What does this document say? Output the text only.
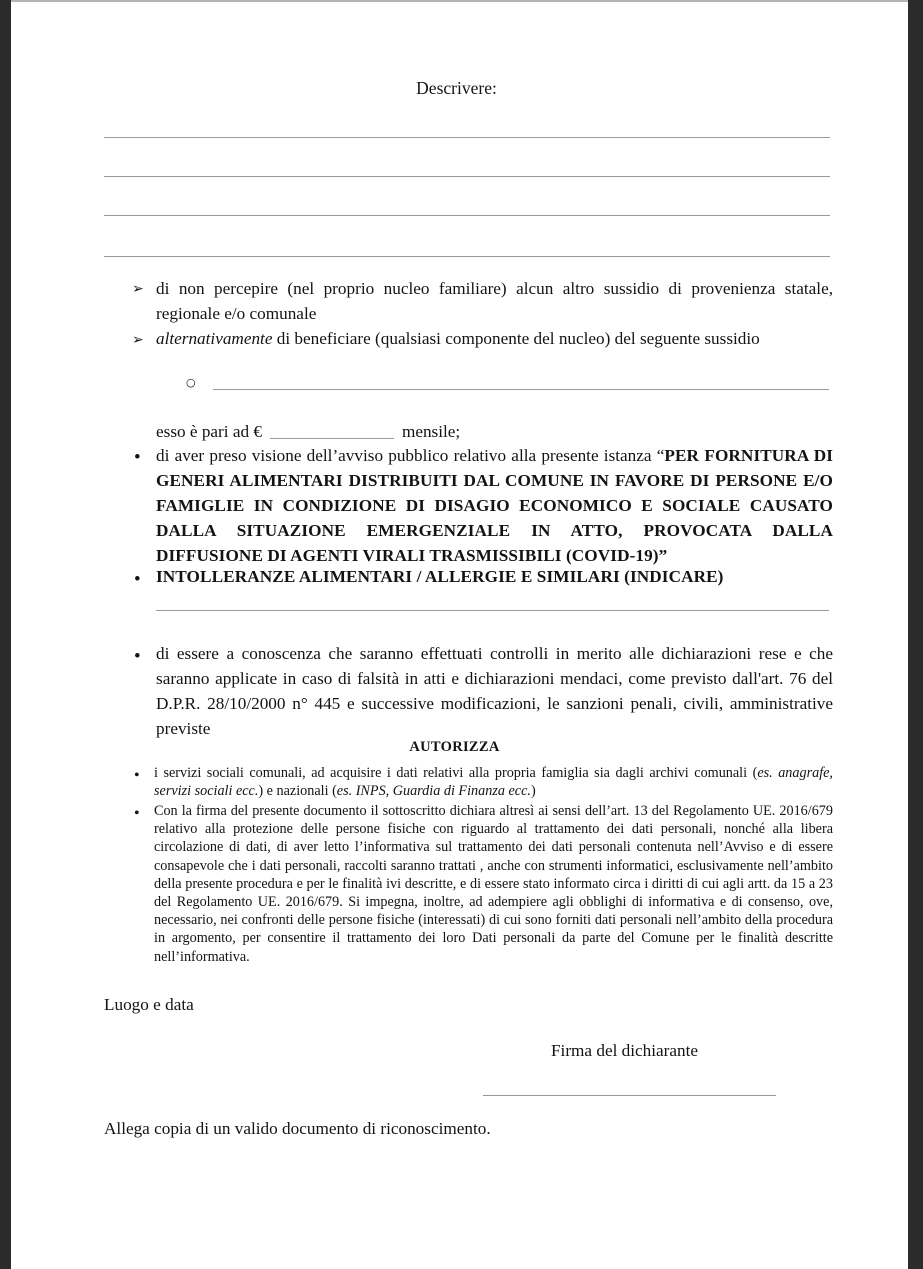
Descrivere:
➢ di non percepire (nel proprio nucleo familiare) alcun altro sussidio di provenienza statale, regionale e/o comunale
➢ alternativamente di beneficiare (qualsiasi componente del nucleo) del seguente sussidio
○
esso è pari ad €	mensile;
• di aver preso visione dell’avviso pubblico relativo alla presente istanza “PER FORNITURA DI GENERI ALIMENTARI DISTRIBUITI DAL COMUNE IN FAVORE DI PERSONE E/O FAMIGLIE IN CONDIZIONE DI DISAGIO ECONOMICO E SOCIALE CAUSATO DALLA SITUAZIONE EMERGENZIALE IN ATTO, PROVOCATA DALLA DIFFUSIONE DI AGENTI VIRALI TRASMISSIBILI (COVID-19)”
• INTOLLERANZE ALIMENTARI / ALLERGIE E SIMILARI (INDICARE)
• di essere a conoscenza che saranno effettuati controlli in merito alle dichiarazioni rese e che saranno applicate in caso di falsità in atti e dichiarazioni mendaci, come previsto dall'art. 76 del D.P.R. 28/10/2000 n° 445 e successive modificazioni, le sanzioni penali, civili, amministrative previste
AUTORIZZA
• i servizi sociali comunali, ad acquisire i dati relativi alla propria famiglia sia dagli archivi comunali (es. anagrafe, servizi sociali ecc.) e nazionali (es. INPS, Guardia di Finanza ecc.)
• Con la firma del presente documento il sottoscritto dichiara altresì ai sensi dell’art. 13 del Regolamento UE. 2016/679 relativo alla protezione delle persone fisiche con riguardo al trattamento dei dati personali, nonché alla libera circolazione di dati, di aver letto l’informativa sul trattamento dei dati personali contenuta nell’Avviso e di essere consapevole che i dati personali, raccolti saranno trattati , anche con strumenti informatici, esclusivamente nell’ambito della presente procedura e per le finalità ivi descritte, e di essere stato informato circa i diritti di cui agli artt. da 15 a 23 del Regolamento UE. 2016/679. Si impegna, inoltre, ad adempiere agli obblighi di informativa e di consenso, ove, necessario, nei confronti delle persone fisiche (interessati) di cui sono forniti dati personali nell’ambito della procedura in argomento, per consentire il trattamento dei loro Dati personali da parte del Comune per le finalità descritte nell’informativa.
Luogo e data
Firma del dichiarante
Allega copia di un valido documento di riconoscimento.
